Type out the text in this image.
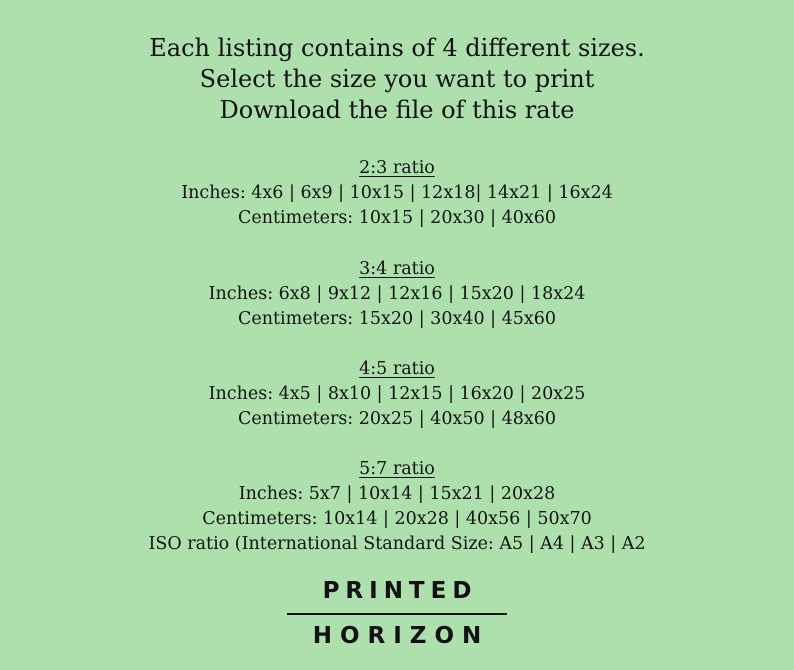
Each listing contains of 4 different sizes.
Select the size you want to print
Download the file of this rate
2:3 ratio
Inches: 4x6 | 6x9 | 10x15 | 12x18| 14x21 | 16x24
Centimeters: 10x15 | 20x30 | 40x60
3:4 ratio
Inches: 6x8 | 9x12 | 12x16 | 15x20 | 18x24
Centimeters: 15x20 | 30x40 | 45x60
4:5 ratio
Inches: 4x5 | 8x10 | 12x15 | 16x20 | 20x25
Centimeters: 20x25 | 40x50 | 48x60
5:7 ratio
Inches: 5x7 | 10x14 | 15x21 | 20x28
Centimeters: 10x14 | 20x28 | 40x56 | 50x70
ISO ratio (International Standard Size: A5 | A4 | A3 | A2
PRINTED
HORIZON
